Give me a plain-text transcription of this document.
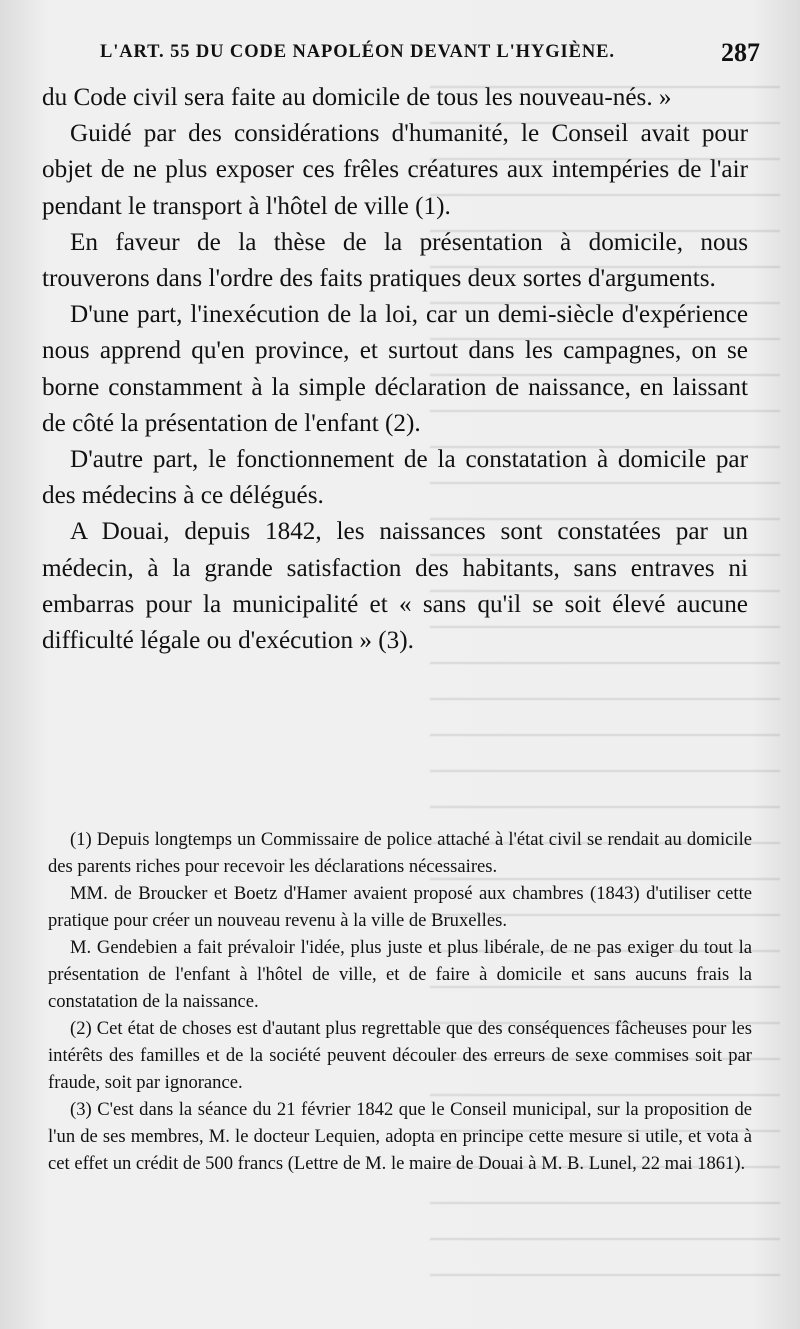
L'ART. 55 DU CODE NAPOLÉON DEVANT L'HYGIÈNE.	287

du Code civil sera faite au domicile de tous les nouveau-nés. »

Guidé par des considérations d'humanité, le Conseil avait pour objet de ne plus exposer ces frêles créatures aux intempéries de l'air pendant le transport à l'hôtel de ville (1).

En faveur de la thèse de la présentation à domicile, nous trouverons dans l'ordre des faits pratiques deux sortes d'arguments.

D'une part, l'inexécution de la loi, car un demi-siècle d'expérience nous apprend qu'en province, et surtout dans les campagnes, on se borne constamment à la simple déclaration de naissance, en laissant de côté la présentation de l'enfant (2).

D'autre part, le fonctionnement de la constatation à domicile par des médecins à ce délégués.

A Douai, depuis 1842, les naissances sont constatées par un médecin, à la grande satisfaction des habitants, sans entraves ni embarras pour la municipalité et « sans qu'il se soit élevé aucune difficulté légale ou d'exécution » (3).

(1) Depuis longtemps un Commissaire de police attaché à l'état civil se rendait au domicile des parents riches pour recevoir les déclarations nécessaires.

MM. de Broucker et Boetz d'Hamer avaient proposé aux chambres (1843) d'utiliser cette pratique pour créer un nouveau revenu à la ville de Bruxelles.

M. Gendebien a fait prévaloir l'idée, plus juste et plus libérale, de ne pas exiger du tout la présentation de l'enfant à l'hôtel de ville, et de faire à domicile et sans aucuns frais la constatation de la naissance.

(2) Cet état de choses est d'autant plus regrettable que des conséquences fâcheuses pour les intérêts des familles et de la société peuvent découler des erreurs de sexe commises soit par fraude, soit par ignorance.

(3) C'est dans la séance du 21 février 1842 que le Conseil municipal, sur la proposition de l'un de ses membres, M. le docteur Lequien, adopta en principe cette mesure si utile, et vota à cet effet un crédit de 500 francs (Lettre de M. le maire de Douai à M. B. Lunel, 22 mai 1861).
